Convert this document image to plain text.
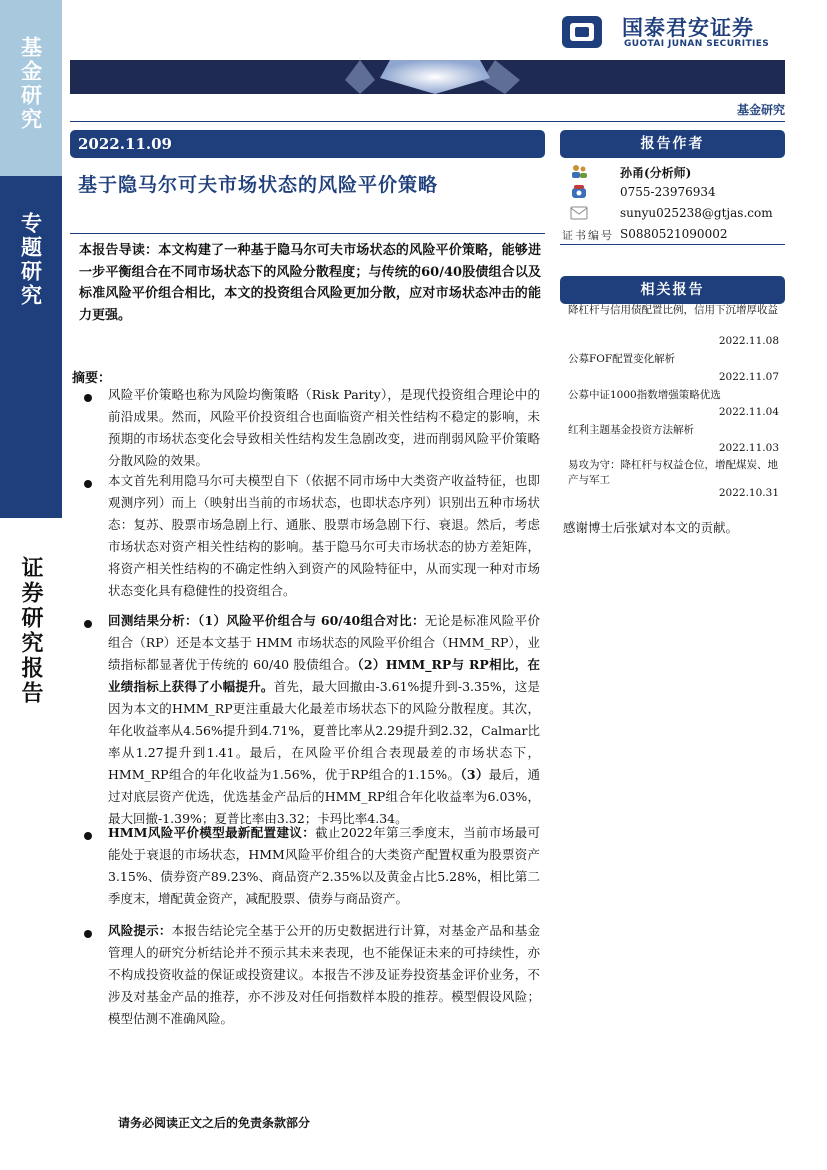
基金研究
专题研究
证券研究报告
国泰君安证券
GUOTAI JUNAN SECURITIES
基金研究
2022.11.09
基于隐马尔可夫市场状态的风险平价策略
本报告导读：本文构建了一种基于隐马尔可夫市场状态的风险平价策略，能够进一步平衡组合在不同市场状态下的风险分散程度；与传统的60/40股债组合以及标准风险平价组合相比，本文的投资组合风险更加分散，应对市场状态冲击的能力更强。
摘要：
风险平价策略也称为风险均衡策略（Risk Parity），是现代投资组合理论中的前沿成果。然而，风险平价投资组合也面临资产相关性结构不稳定的影响，未预期的市场状态变化会导致相关性结构发生急剧改变，进而削弱风险平价策略分散风险的效果。
本文首先利用隐马尔可夫模型自下（依据不同市场中大类资产收益特征，也即观测序列）而上（映射出当前的市场状态，也即状态序列）识别出五种市场状态：复苏、股票市场急剧上行、通胀、股票市场急剧下行、衰退。然后，考虑市场状态对资产相关性结构的影响。基于隐马尔可夫市场状态的协方差矩阵，将资产相关性结构的不确定性纳入到资产的风险特征中，从而实现一种对市场状态变化具有稳健性的投资组合。
回测结果分析：（1）风险平价组合与 60/40组合对比：无论是标准风险平价组合（RP）还是本文基于 HMM 市场状态的风险平价组合（HMM_RP），业绩指标都显著优于传统的 60/40 股债组合。（2）HMM_RP与 RP相比，在业绩指标上获得了小幅提升。首先，最大回撤由-3.61%提升到-3.35%，这是因为本文的HMM_RP更注重最大化最差市场状态下的风险分散程度。其次，年化收益率从4.56%提升到4.71%，夏普比率从2.29提升到2.32，Calmar比率从1.27提升到1.41。最后，在风险平价组合表现最差的市场状态下，HMM_RP组合的年化收益为1.56%，优于RP组合的1.15%。（3）最后，通过对底层资产优选，优选基金产品后的HMM_RP组合年化收益率为6.03%，最大回撤-1.39%；夏普比率由3.32；卡玛比率4.34。
HMM风险平价模型最新配置建议：截止2022年第三季度末，当前市场最可能处于衰退的市场状态，HMM风险平价组合的大类资产配置权重为股票资产3.15%、债券资产89.23%、商品资产2.35%以及黄金占比5.28%，相比第二季度末，增配黄金资产，减配股票、债券与商品资产。
风险提示：本报告结论完全基于公开的历史数据进行计算，对基金产品和基金管理人的研究分析结论并不预示其未来表现，也不能保证未来的可持续性，亦不构成投资收益的保证或投资建议。本报告不涉及证券投资基金评价业务，不涉及对基金产品的推荐，亦不涉及对任何指数样本股的推荐。模型假设风险；模型估测不准确风险。
请务必阅读正文之后的免责条款部分
报告作者
孙甬(分析师)
0755-23976934
sunyu025238@gtjas.com
证书编号 S0880521090002
相关报告
降杠杆与信用债配置比例，信用下沉增厚收益
2022.11.08
公募FOF配置变化解析
2022.11.07
公募中证1000指数增强策略优选
2022.11.04
红利主题基金投资方法解析
2022.11.03
易攻为守：降杠杆与权益仓位，增配煤炭、地产与军工
2022.10.31
感谢博士后张斌对本文的贡献。
